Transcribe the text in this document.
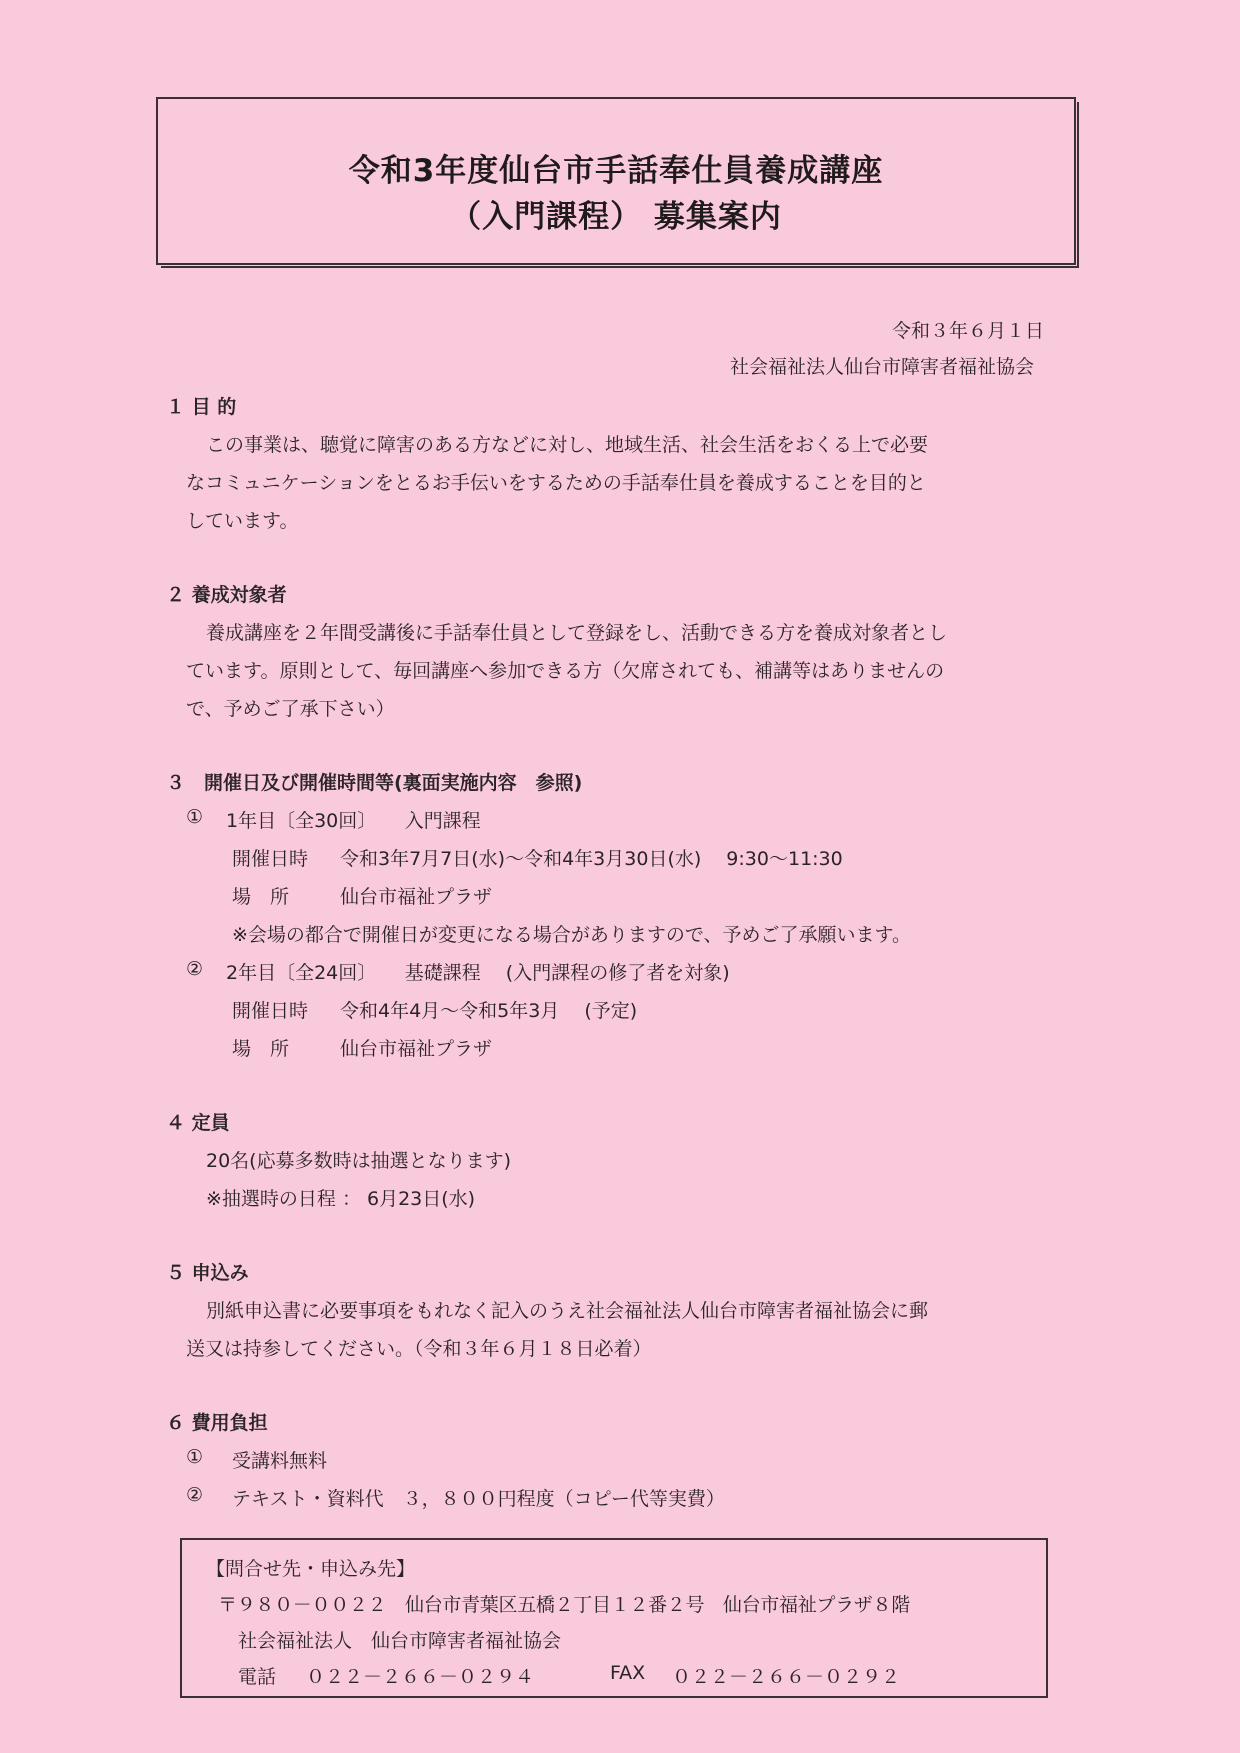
令和3年度仙台市手話奉仕員養成講座
（入門課程） 募集案内
令和３年６月１日
社会福祉法人仙台市障害者福祉協会
１ 目 的
この事業は、聴覚に障害のある方などに対し、地域生活、社会生活をおくる上で必要
なコミュニケーションをとるお手伝いをするための手話奉仕員を養成することを目的と
しています。
２ 養成対象者
養成講座を２年間受講後に手話奉仕員として登録をし、活動できる方を養成対象者とし
ています。原則として、毎回講座へ参加できる方（欠席されても、補講等はありませんの
で、予めご了承下さい）
３　開催日及び開催時間等(裏面実施内容　参照)
① 1年目〔全30回〕　　入門課程
開催日時 令和3年7月7日(水)～令和4年3月30日(水)　 9:30～11:30
場　所	仙台市福祉プラザ
※会場の都合で開催日が変更になる場合がありますので、予めご了承願います。
② 2年目〔全24回〕　　基礎課程　 (入門課程の修了者を対象)
開催日時 令和4年4月～令和5年3月　 (予定)
場　所	仙台市福祉プラザ
４ 定員
20名(応募多数時は抽選となります)
※抽選時の日程 ： 6月23日(水)
５ 申込み
別紙申込書に必要事項をもれなく記入のうえ社会福祉法人仙台市障害者福祉協会に郵
送又は持参してください。（令和３年６月１８日必着）
６ 費用負担
① 受講料無料
② テキスト・資料代　３，８００円程度（コピー代等実費）
【問合せ先・申込み先】
〒９８０－００２２　仙台市青葉区五橋２丁目１２番２号　仙台市福祉プラザ８階
社会福祉法人　仙台市障害者福祉協会
電話 ０２２－２６６－０２９４	FAX ０２２－２６６－０２９２
